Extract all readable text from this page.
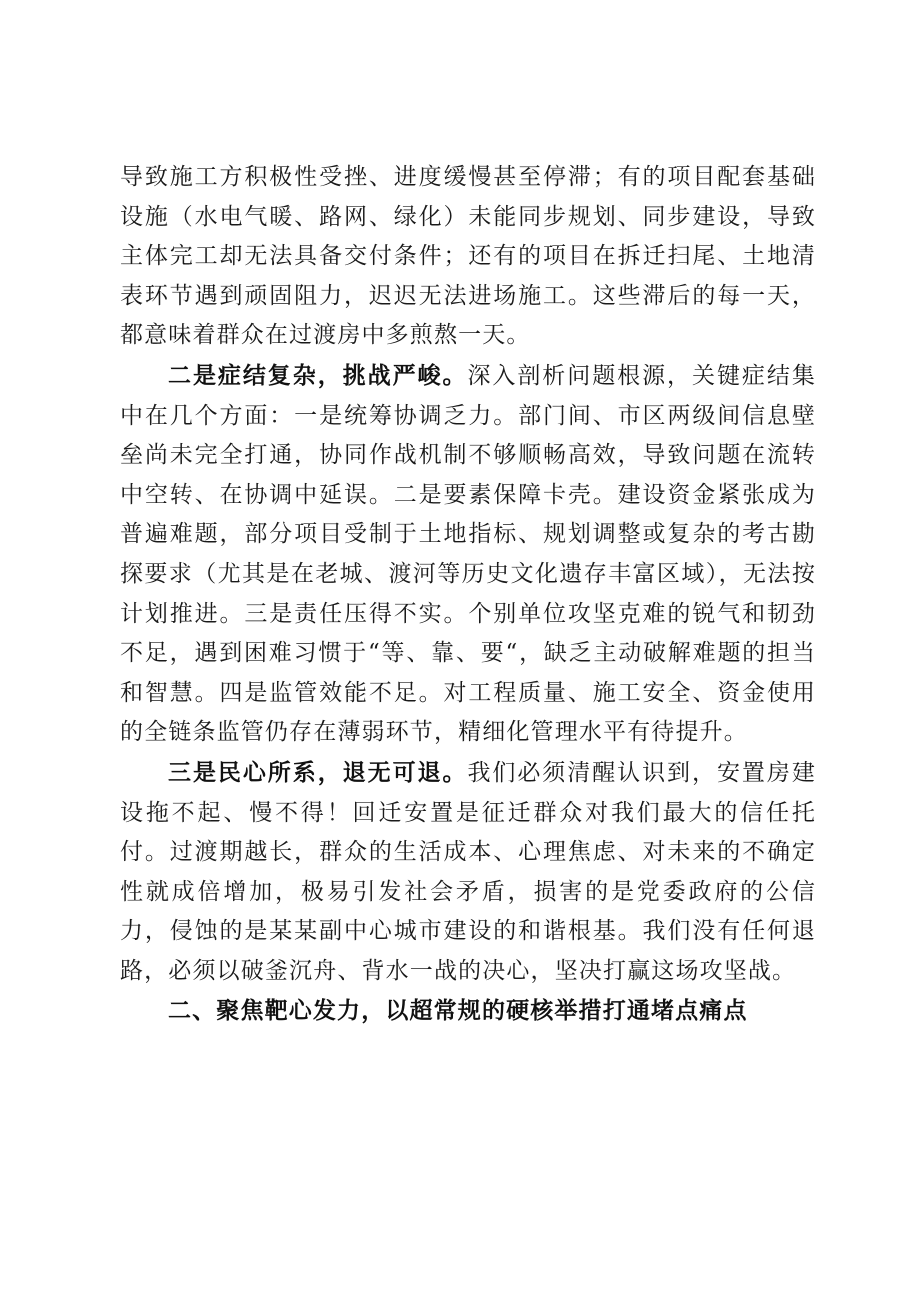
导致施工方积极性受挫、进度缓慢甚至停滞；有的项目配套基础设施（水电气暖、路网、绿化）未能同步规划、同步建设，导致主体完工却无法具备交付条件；还有的项目在拆迁扫尾、土地清表环节遇到顽固阻力，迟迟无法进场施工。这些滞后的每一天，都意味着群众在过渡房中多煎熬一天。

二是症结复杂，挑战严峻。深入剖析问题根源，关键症结集中在几个方面：一是统筹协调乏力。部门间、市区两级间信息壁垒尚未完全打通，协同作战机制不够顺畅高效，导致问题在流转中空转、在协调中延误。二是要素保障卡壳。建设资金紧张成为普遍难题，部分项目受制于土地指标、规划调整或复杂的考古勘探要求（尤其是在老城、渡河等历史文化遗存丰富区域），无法按计划推进。三是责任压得不实。个别单位攻坚克难的锐气和韧劲不足，遇到困难习惯于“等、靠、要“，缺乏主动破解难题的担当和智慧。四是监管效能不足。对工程质量、施工安全、资金使用的全链条监管仍存在薄弱环节，精细化管理水平有待提升。

三是民心所系，退无可退。我们必须清醒认识到，安置房建设拖不起、慢不得！回迁安置是征迁群众对我们最大的信任托付。过渡期越长，群众的生活成本、心理焦虑、对未来的不确定性就成倍增加，极易引发社会矛盾，损害的是党委政府的公信力，侵蚀的是某某副中心城市建设的和谐根基。我们没有任何退路，必须以破釜沉舟、背水一战的决心，坚决打赢这场攻坚战。

二、聚焦靶心发力，以超常规的硬核举措打通堵点痛点
